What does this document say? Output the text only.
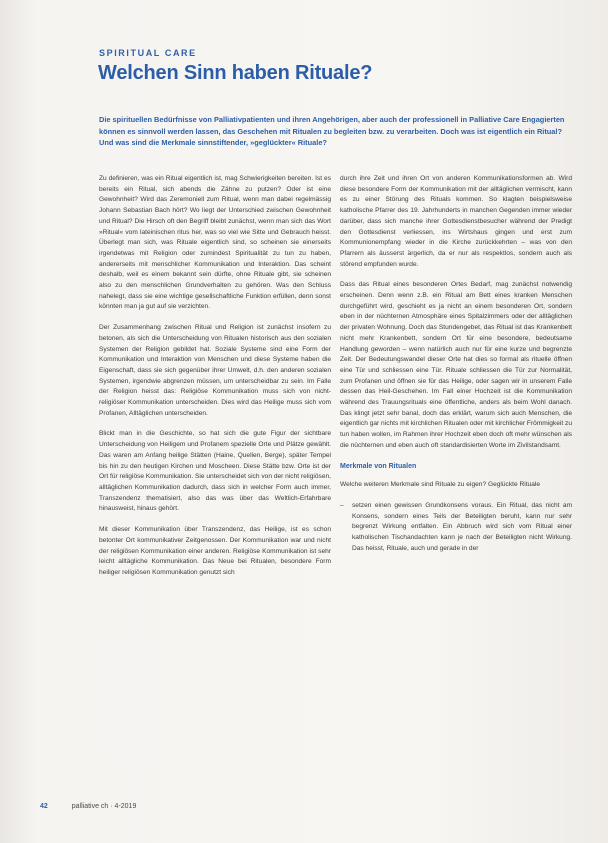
SPIRITUAL CARE
Welchen Sinn haben Rituale?
Die spirituellen Bedürfnisse von Palliativpatienten und ihren Angehörigen, aber auch der professionell in Palliative Care Engagierten können es sinnvoll werden lassen, das Geschehen mit Ritualen zu begleiten bzw. zu verarbeiten. Doch was ist eigentlich ein Ritual? Und was sind die Merkmale sinnstiftender, »geglückter« Rituale?

Zu definieren, was ein Ritual eigentlich ist, mag Schwierigkeiten bereiten. Ist es bereits ein Ritual, sich abends die Zähne zu putzen? Oder ist eine Gewohnheit? Wird das Zeremoniell zum Ritual, wenn man dabei regelmässig Johann Sebastian Bach hört? Wo liegt der Unterschied zwischen Gewohnheit und Ritual? Die Hirsch oft den Begriff bleibt zunächst, wenn man sich das Wort »Ritual« vom lateinischen ritus her, was so viel wie Sitte und Gebrauch heisst. Überlegt man sich, was Rituale eigentlich sind, so scheinen sie einerseits irgendetwas mit Religion oder zumindest Spiritualität zu tun zu haben, andererseits mit menschlicher Kommunikation und Interaktion. Das scheint deshalb, weil es einem bekannt sein dürfte, ohne Rituale gibt, sie scheinen also zu den menschlichen Grundverhalten zu gehören. Was den Schluss nahelegt, dass sie eine wichtige gesellschaftliche Funktion erfüllen, denn sonst könnten man ja gut auf sie verzichten.

Der Zusammenhang zwischen Ritual und Religion ist zunächst insofern zu betonen, als sich die Unterscheidung von Ritualen historisch aus den sozialen Systemen der Religion gebildet hat. Soziale Systeme sind eine Form der Kommunikation und Interaktion von Menschen und diese Systeme haben die Eigenschaft, dass sie sich gegenüber ihrer Umwelt, d.h. den anderen sozialen Systemen, irgendwie abgrenzen müssen, um unterscheidbar zu sein. Im Falle der Religion heisst das: Religiöse Kommunikation muss sich von nicht-religiöser Kommunikation unterscheiden. Dies wird das Heilige muss sich vom Profanen, Alltäglichen unterscheiden.

Blickt man in die Geschichte, so hat sich die gute Figur der sichtbare Unterscheidung von Heiligem und Profanem spezielle Orte und Plätze gewählt. Das waren am Anfang heilige Stätten (Haine, Quellen, Berge), später Tempel bis hin zu den heutigen Kirchen und Moscheen. Diese Stätte bzw. Orte ist der Ort für religiöse Kommunikation. Sie unterscheidet sich von der nicht religiösen, alltäglichen Kommunikation dadurch, dass sich in welcher Form auch immer, Transzendenz thematisiert, also das was über das Weltlich-Erfahrbare hinausweist, hinaus gehört.

Mit dieser Kommunikation über Transzendenz, das Heilige, ist es schon betonter Ort kommunikativer Zeitgenossen. Der Kommunikation war und nicht der religiösen Kommunikation einer anderen. Religiöse Kommunikation ist sehr leicht alltägliche Kommunikation. Das Neue bei Ritualen, besondere Form heiliger religiösen Kommunikation genutzt sich

durch ihre Zeit und ihren Ort von anderen Kommunikationsformen ab. Wird diese besondere Form der Kommunikation mit der alltäglichen vermischt, kann es zu einer Störung des Rituals kommen. So klagten beispielsweise katholische Pfarrer des 19. Jahrhunderts in manchen Gegenden immer wieder darüber, dass sich manche ihrer Gottesdienstbesucher während der Predigt den Gottesdienst verliessen, ins Wirtshaus gingen und erst zum Kommunionempfang wieder in die Kirche zurückkehrten – was von den Pfarrern als äusserst ärgerlich, da er nur als respektlos, sondern auch als störend empfunden wurde.

Dass das Ritual eines besonderen Ortes Bedarf, mag zunächst notwendig erscheinen. Denn wenn z.B. ein Ritual am Bett eines kranken Menschen durchgeführt wird, geschieht es ja nicht an einem besonderen Ort, sondern eben in der nüchternen Atmosphäre eines Spitalzimmers oder der alltäglichen der privaten Wohnung. Doch das Stundengebet, das Ritual ist das Krankenbett nicht mehr Krankenbett, sondern Ort für eine besondere, bedeutsame Handlung geworden – wenn natürlich auch nur für eine kurze und begrenzte Zeit. Der Bedeutungswandel dieser Orte hat dies so formal als rituelle öffnen eine Tür und schliessen eine Tür. Rituale schliessen die Tür zur Normalität, zum Profanen und öffnen sie für das Heilige, oder sagen wir in unserem Falle dessen das Heil-Geschehen. Im Fall einer Hochzeit ist die Kommunikation während des Trauungsrituals eine öffentliche, anders als beim Wohl danach. Das klingt jetzt sehr banal, doch das erklärt, warum sich auch Menschen, die eigentlich gar nichts mit kirchlichen Ritualen oder mit kirchlicher Frömmigkeit zu tun haben wollen, im Rahmen ihrer Hochzeit eben doch oft mehr wünschen als die nüchternen und eben auch oft standardisierten Worte im Zivilstandsamt.

Merkmale von Ritualen

Welche weiteren Merkmale sind Rituale zu eigen? Geglückte Rituale

– setzen einen gewissen Grundkonsens voraus. Ein Ritual, das nicht am Konsens, sondern eines Teils der Beteiligten beruht, kann nur sehr begrenzt Wirkung entfalten. Ein Abbruch wird sich vom Ritual einer katholischen Tischandachten kann je nach der Beteiligten nicht Wirkung. Das heisst, Rituale, auch und gerade in der
42	palliative ch · 4-2019
